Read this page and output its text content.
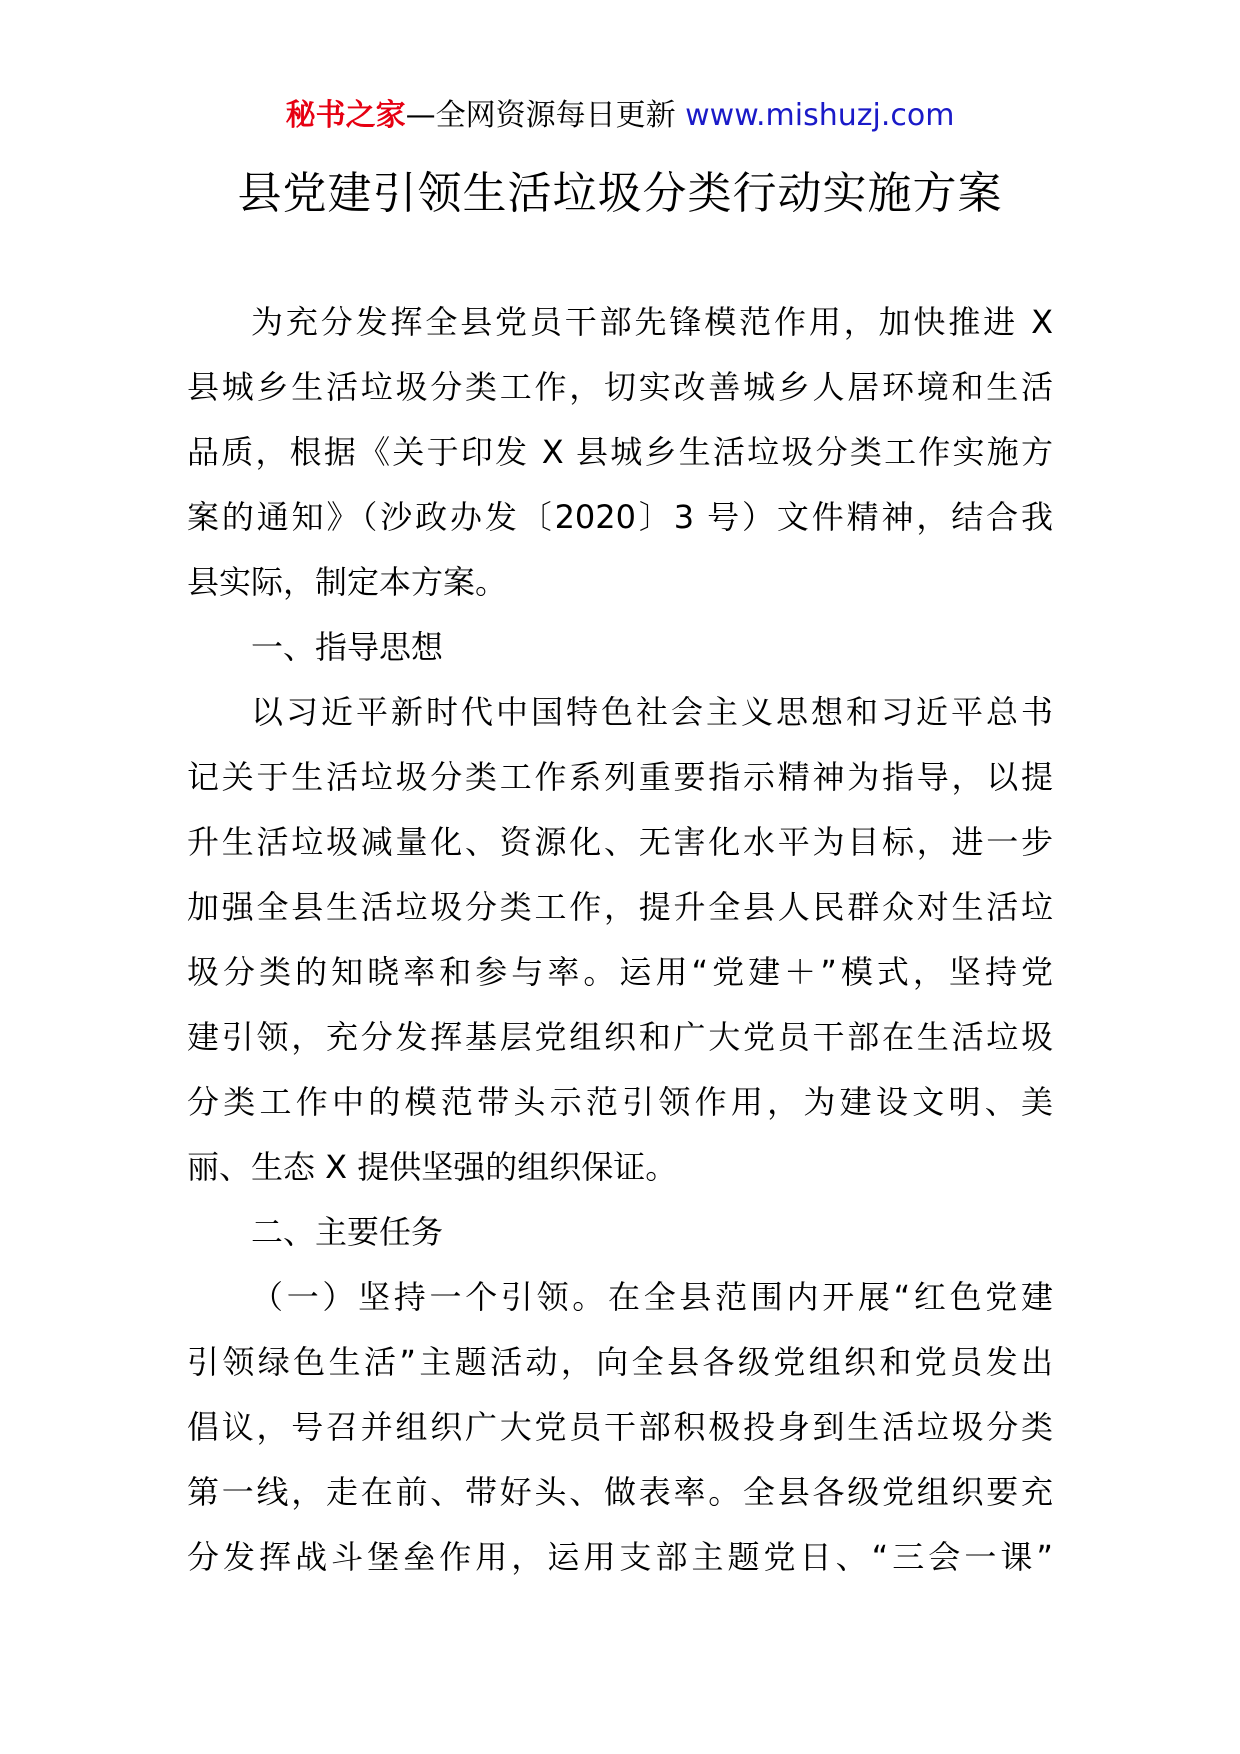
秘书之家—全网资源每日更新 www.mishuzj.com
县党建引领生活垃圾分类行动实施方案
为充分发挥全县党员干部先锋模范作用，加快推进 X
县城乡生活垃圾分类工作，切实改善城乡人居环境和生活
品质，根据《关于印发 X 县城乡生活垃圾分类工作实施方
案的通知》（沙政办发〔2020〕3 号）文件精神，结合我
县实际，制定本方案。
一、指导思想
以习近平新时代中国特色社会主义思想和习近平总书
记关于生活垃圾分类工作系列重要指示精神为指导，以提
升生活垃圾减量化、资源化、无害化水平为目标，进一步
加强全县生活垃圾分类工作，提升全县人民群众对生活垃
圾分类的知晓率和参与率。运用“党建＋”模式，坚持党
建引领，充分发挥基层党组织和广大党员干部在生活垃圾
分类工作中的模范带头示范引领作用，为建设文明、美
丽、生态 X 提供坚强的组织保证。
二、主要任务
（一）坚持一个引领。在全县范围内开展“红色党建
引领绿色生活”主题活动，向全县各级党组织和党员发出
倡议，号召并组织广大党员干部积极投身到生活垃圾分类
第一线，走在前、带好头、做表率。全县各级党组织要充
分发挥战斗堡垒作用，运用支部主题党日、“三会一课”
